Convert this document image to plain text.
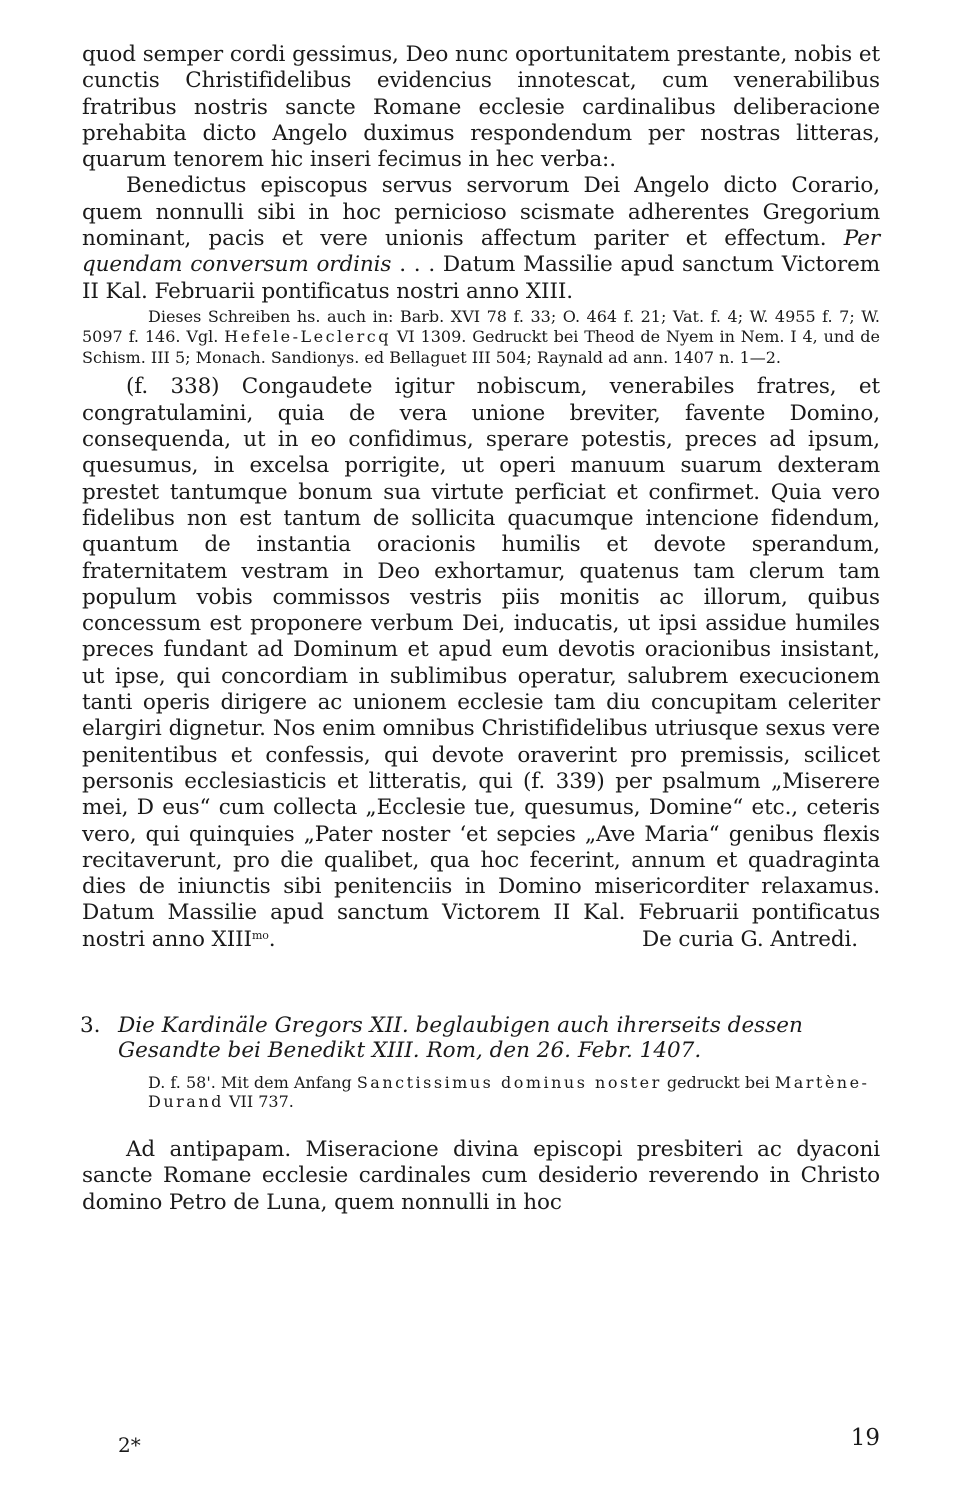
quod semper cordi gessimus, Deo nunc oportunitatem prestante, nobis et cunctis Christifidelibus evidencius innotescat, cum venerabilibus fratribus nostris sancte Romane ecclesie cardinalibus deliberacione prehabita dicto Angelo duximus respondendum per nostras litteras, quarum tenorem hic inseri fecimus in hec verba:.

Benedictus episcopus servus servorum Dei Angelo dicto Corario, quem nonnulli sibi in hoc pernicioso scismate adherentes Gregorium nominant, pacis et vere unionis affectum pariter et effectum. Per quendam conversum ordinis . . . Datum Massilie apud sanctum Victorem II Kal. Februarii pontificatus nostri anno XIII.

Dieses Schreiben hs. auch in: Barb. XVI 78 f. 33; O. 464 f. 21; Vat. f. 4; W. 4955 f. 7; W. 5097 f. 146. Vgl. Hefele-Leclercq VI 1309. Gedruckt bei Theod de Nyem in Nem. I 4, und de Schism. III 5; Monach. Sandionys. ed Bellaguet III 504; Raynald ad ann. 1407 n. 1—2.

(f. 338) Congaudete igitur nobiscum, venerabiles fratres, et congratulamini, quia de vera unione breviter, favente Domino, consequenda, ut in eo confidimus, sperare potestis, preces ad ipsum, quesumus, in excelsa porrigite, ut operi manuum suarum dexteram prestet tantumque bonum sua virtute perficiat et confirmet. Quia vero fidelibus non est tantum de sollicita quacumque intencione fidendum, quantum de instantia oracionis humilis et devote sperandum, fraternitatem vestram in Deo exhortamur, quatenus tam clerum tam populum vobis commissos vestris piis monitis ac illorum, quibus concessum est proponere verbum Dei, inducatis, ut ipsi assidue humiles preces fundant ad Dominum et apud eum devotis oracionibus insistant, ut ipse, qui concordiam in sublimibus operatur, salubrem execucionem tanti operis dirigere ac unionem ecclesie tam diu concupitam celeriter elargiri dignetur. Nos enim omnibus Christifidelibus utriusque sexus vere penitentibus et confessis, qui devote oraverint pro premissis, scilicet personis ecclesiasticis et litteratis, qui (f. 339) per psalmum „Miserere mei, D eus“ cum collecta „Ecclesie tue, quesumus, Domine“ etc., ceteris vero, qui quinquies „Pater noster ‘et sepcies „Ave Maria“ genibus flexis recitaverunt, pro die qualibet, qua hoc fecerint, annum et quadraginta dies de iniunctis sibi penitenciis in Domino misericorditer relaxamus. Datum Massilie apud sanctum Victorem II Kal. Februarii pontificatus nostri anno $XIII^{mo}$.	De curia G. Antredi.

3. Die Kardinäle Gregors XII. beglaubigen auch ihrerseits dessen Gesandte bei Benedikt XIII. Rom, den 26. Febr. 1407.
D. f. 58'. Mit dem Anfang Sanctissimus dominus noster gedruckt bei Martène-Durand VII 737.

Ad antipapam. Miseracione divina episcopi presbiteri ac dyaconi sancte Romane ecclesie cardinales cum desiderio reverendo in Christo domino Petro de Luna, quem nonnulli in hoc

2*	19
